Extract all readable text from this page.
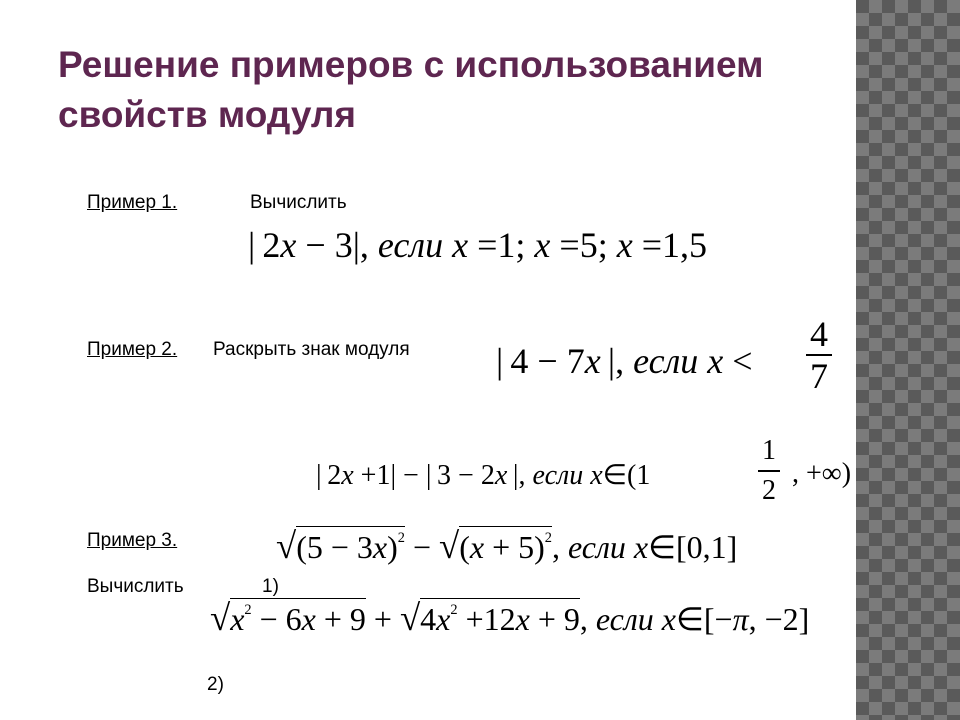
Решение примеров с использованием свойств модуля
Пример 1.	Вычислить
| 2x − 3|, если x =1; x =5; x =1,5
Пример 2. Раскрыть знак модуля | 4 − 7x |, если $x < \frac{4}{7}$
| 2x +1| − | 3 − 2x |, если x∈(1	$\frac{1}{2}$ , +∞)
Пример 3.	$√(5 - 3x)^2 - √(x + 5)^2$, если x∈[0,1]
Вычислить	1)
$√x^2 - 6x + 9 + √4x^2 +12x + 9$, если x∈[−π, −2]
2)
